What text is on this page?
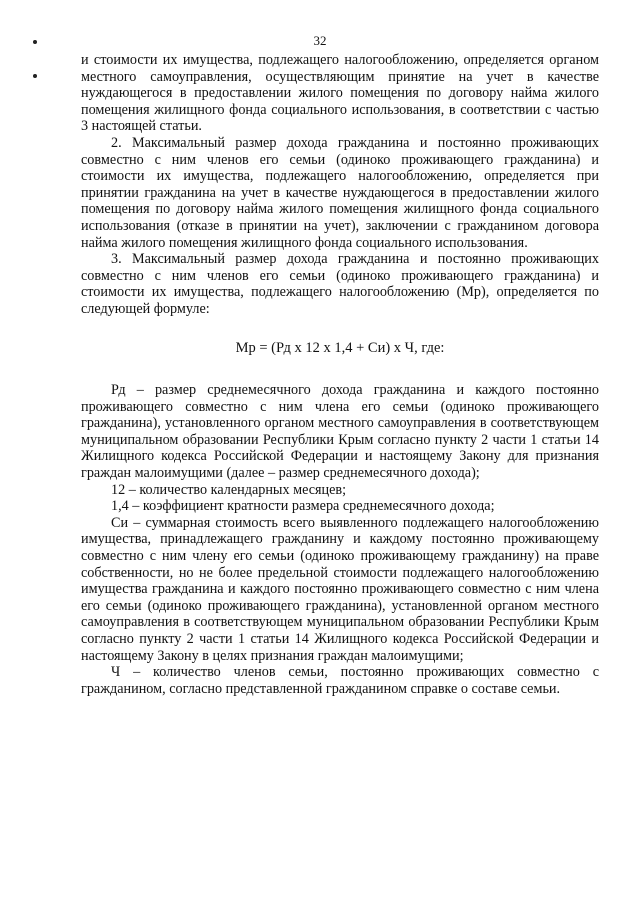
32

и стоимости их имущества, подлежащего налогообложению, определяется органом местного самоуправления, осуществляющим принятие на учет в качестве нуждающегося в предоставлении жилого помещения по договору найма жилого помещения жилищного фонда социального использования, в соответствии с частью 3 настоящей статьи.

2. Максимальный размер дохода гражданина и постоянно проживающих совместно с ним членов его семьи (одиноко проживающего гражданина) и стоимости их имущества, подлежащего налогообложению, определяется при принятии гражданина на учет в качестве нуждающегося в предоставлении жилого помещения по договору найма жилого помещения жилищного фонда социального использования (отказе в принятии на учет), заключении с гражданином договора найма жилого помещения жилищного фонда социального использования.

3. Максимальный размер дохода гражданина и постоянно проживающих совместно с ним членов его семьи (одиноко проживающего гражданина) и стоимости их имущества, подлежащего налогообложению (Мр), определяется по следующей формуле:

Мр = (Рд х 12 х 1,4 + Си) х Ч, где:

Рд – размер среднемесячного дохода гражданина и каждого постоянно проживающего совместно с ним члена его семьи (одиноко проживающего гражданина), установленного органом местного самоуправления в соответствующем муниципальном образовании Республики Крым согласно пункту 2 части 1 статьи 14 Жилищного кодекса Российской Федерации и настоящему Закону для признания граждан малоимущими (далее – размер среднемесячного дохода);

12 – количество календарных месяцев;

1,4 – коэффициент кратности размера среднемесячного дохода;

Си – суммарная стоимость всего выявленного подлежащего налогообложению имущества, принадлежащего гражданину и каждому постоянно проживающему совместно с ним члену его семьи (одиноко проживающему гражданину) на праве собственности, но не более предельной стоимости подлежащего налогообложению имущества гражданина и каждого постоянно проживающего совместно с ним члена его семьи (одиноко проживающего гражданина), установленной органом местного самоуправления в соответствующем муниципальном образовании Республики Крым согласно пункту 2 части 1 статьи 14 Жилищного кодекса Российской Федерации и настоящему Закону в целях признания граждан малоимущими;

Ч – количество членов семьи, постоянно проживающих совместно с гражданином, согласно представленной гражданином справке о составе семьи.
